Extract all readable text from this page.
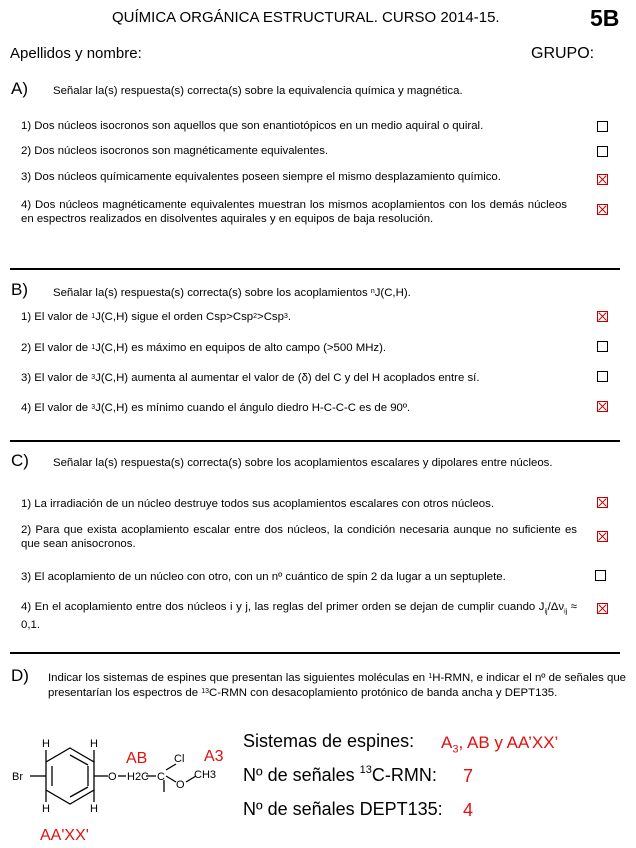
QUÍMICA ORGÁNICA ESTRUCTURAL. CURSO 2014-15.	5B
Apellidos y nombre:	GRUPO:
A) Señalar la(s) respuesta(s) correcta(s) sobre la equivalencia química y magnética.
1) Dos núcleos isocronos son aquellos que son enantiotópicos en un medio aquiral o quiral.
2) Dos núcleos isocronos son magnéticamente equivalentes.
3) Dos núcleos químicamente equivalentes poseen siempre el mismo desplazamiento químico.
4) Dos núcleos magnéticamente equivalentes muestran los mismos acoplamientos con los demás núcleos en espectros realizados en disolventes aquirales y en equipos de baja resolución.
B) Señalar la(s) respuesta(s) correcta(s) sobre los acoplamientos $^n$J(C,H).
1) El valor de $^1$J(C,H) sigue el orden Csp>Csp$^2$>Csp$^3$.
2) El valor de $^1$J(C,H) es máximo en equipos de alto campo (>500 MHz).
3) El valor de $^3$J(C,H) aumenta al aumentar el valor de (δ) del C y del H acoplados entre sí.
4) El valor de $^3$J(C,H) es mínimo cuando el ángulo diedro H-C-C-C es de 90º.
C) Señalar la(s) respuesta(s) correcta(s) sobre los acoplamientos escalares y dipolares entre núcleos.
1) La irradiación de un núcleo destruye todos sus acoplamientos escalares con otros núcleos.
2) Para que exista acoplamiento escalar entre dos núcleos, la condición necesaria aunque no suficiente es que sean anisocronos.
3) El acoplamiento de un núcleo con otro, con un nº cuántico de spin 2 da lugar a un septuplete.
4) En el acoplamiento entre dos núcleos i y j, las reglas del primer orden se dejan de cumplir cuando $J_{ij}/\Delta\nu_{ij} \approx 0,1$.
D) Indicar los sistemas de espines que presentan las siguientes moléculas en $^1$H-RMN, e indicar el nº de señales que presentarían los espectros de $^{13}$C-RMN con desacoplamiento protónico de banda ancha y DEPT135.
H	H
H	H
Br	O H2C C
Cl
O
CH3
AB	A3
AA'XX'
Sistemas de espines: $A_3$, AB y AA’XX’
Nº de señales $^{13}$C-RMN: 7
Nº de señales DEPT135: 4
